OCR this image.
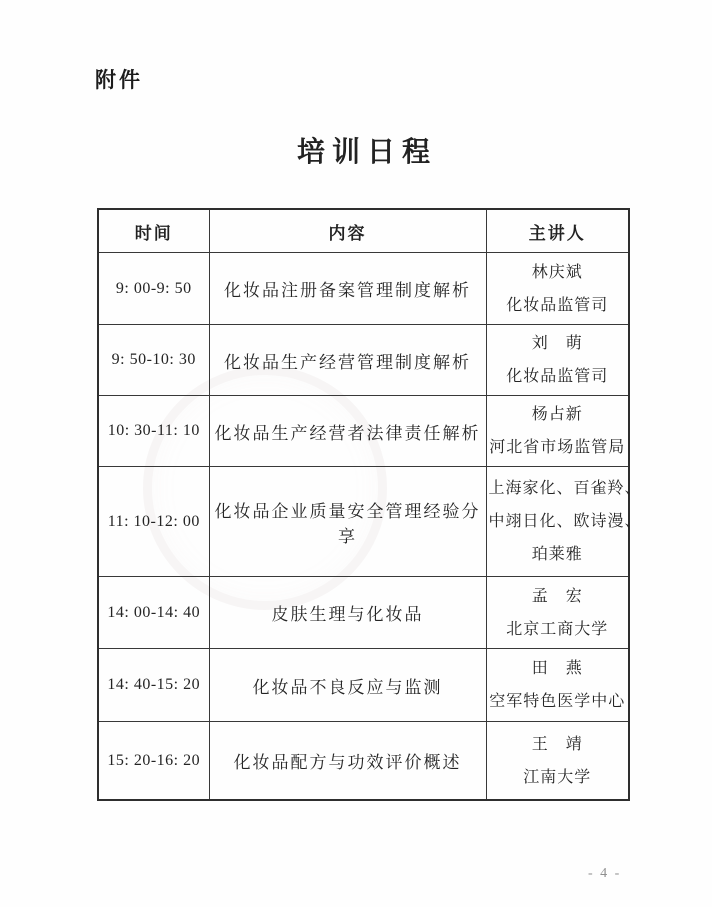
附件
培训日程
时间	内容	主讲人
9: 00-9: 50	化妆品注册备案管理制度解析	林庆斌
化妆品监管司

9: 50-10: 30	化妆品生产经营管理制度解析	刘　萌
化妆品监管司

10: 30-11: 10	化妆品生产经营者法律责任解析	杨占新
河北省市场监管局

11: 10-12: 00	化妆品企业质量安全管理经验分享	上海家化、百雀羚、
中翊日化、欧诗漫、
珀莱雅

14: 00-14: 40	皮肤生理与化妆品	孟　宏
北京工商大学

14: 40-15: 20	化妆品不良反应与监测	田　燕
空军特色医学中心

15: 20-16: 20	化妆品配方与功效评价概述	王　靖
江南大学
- 4 -
